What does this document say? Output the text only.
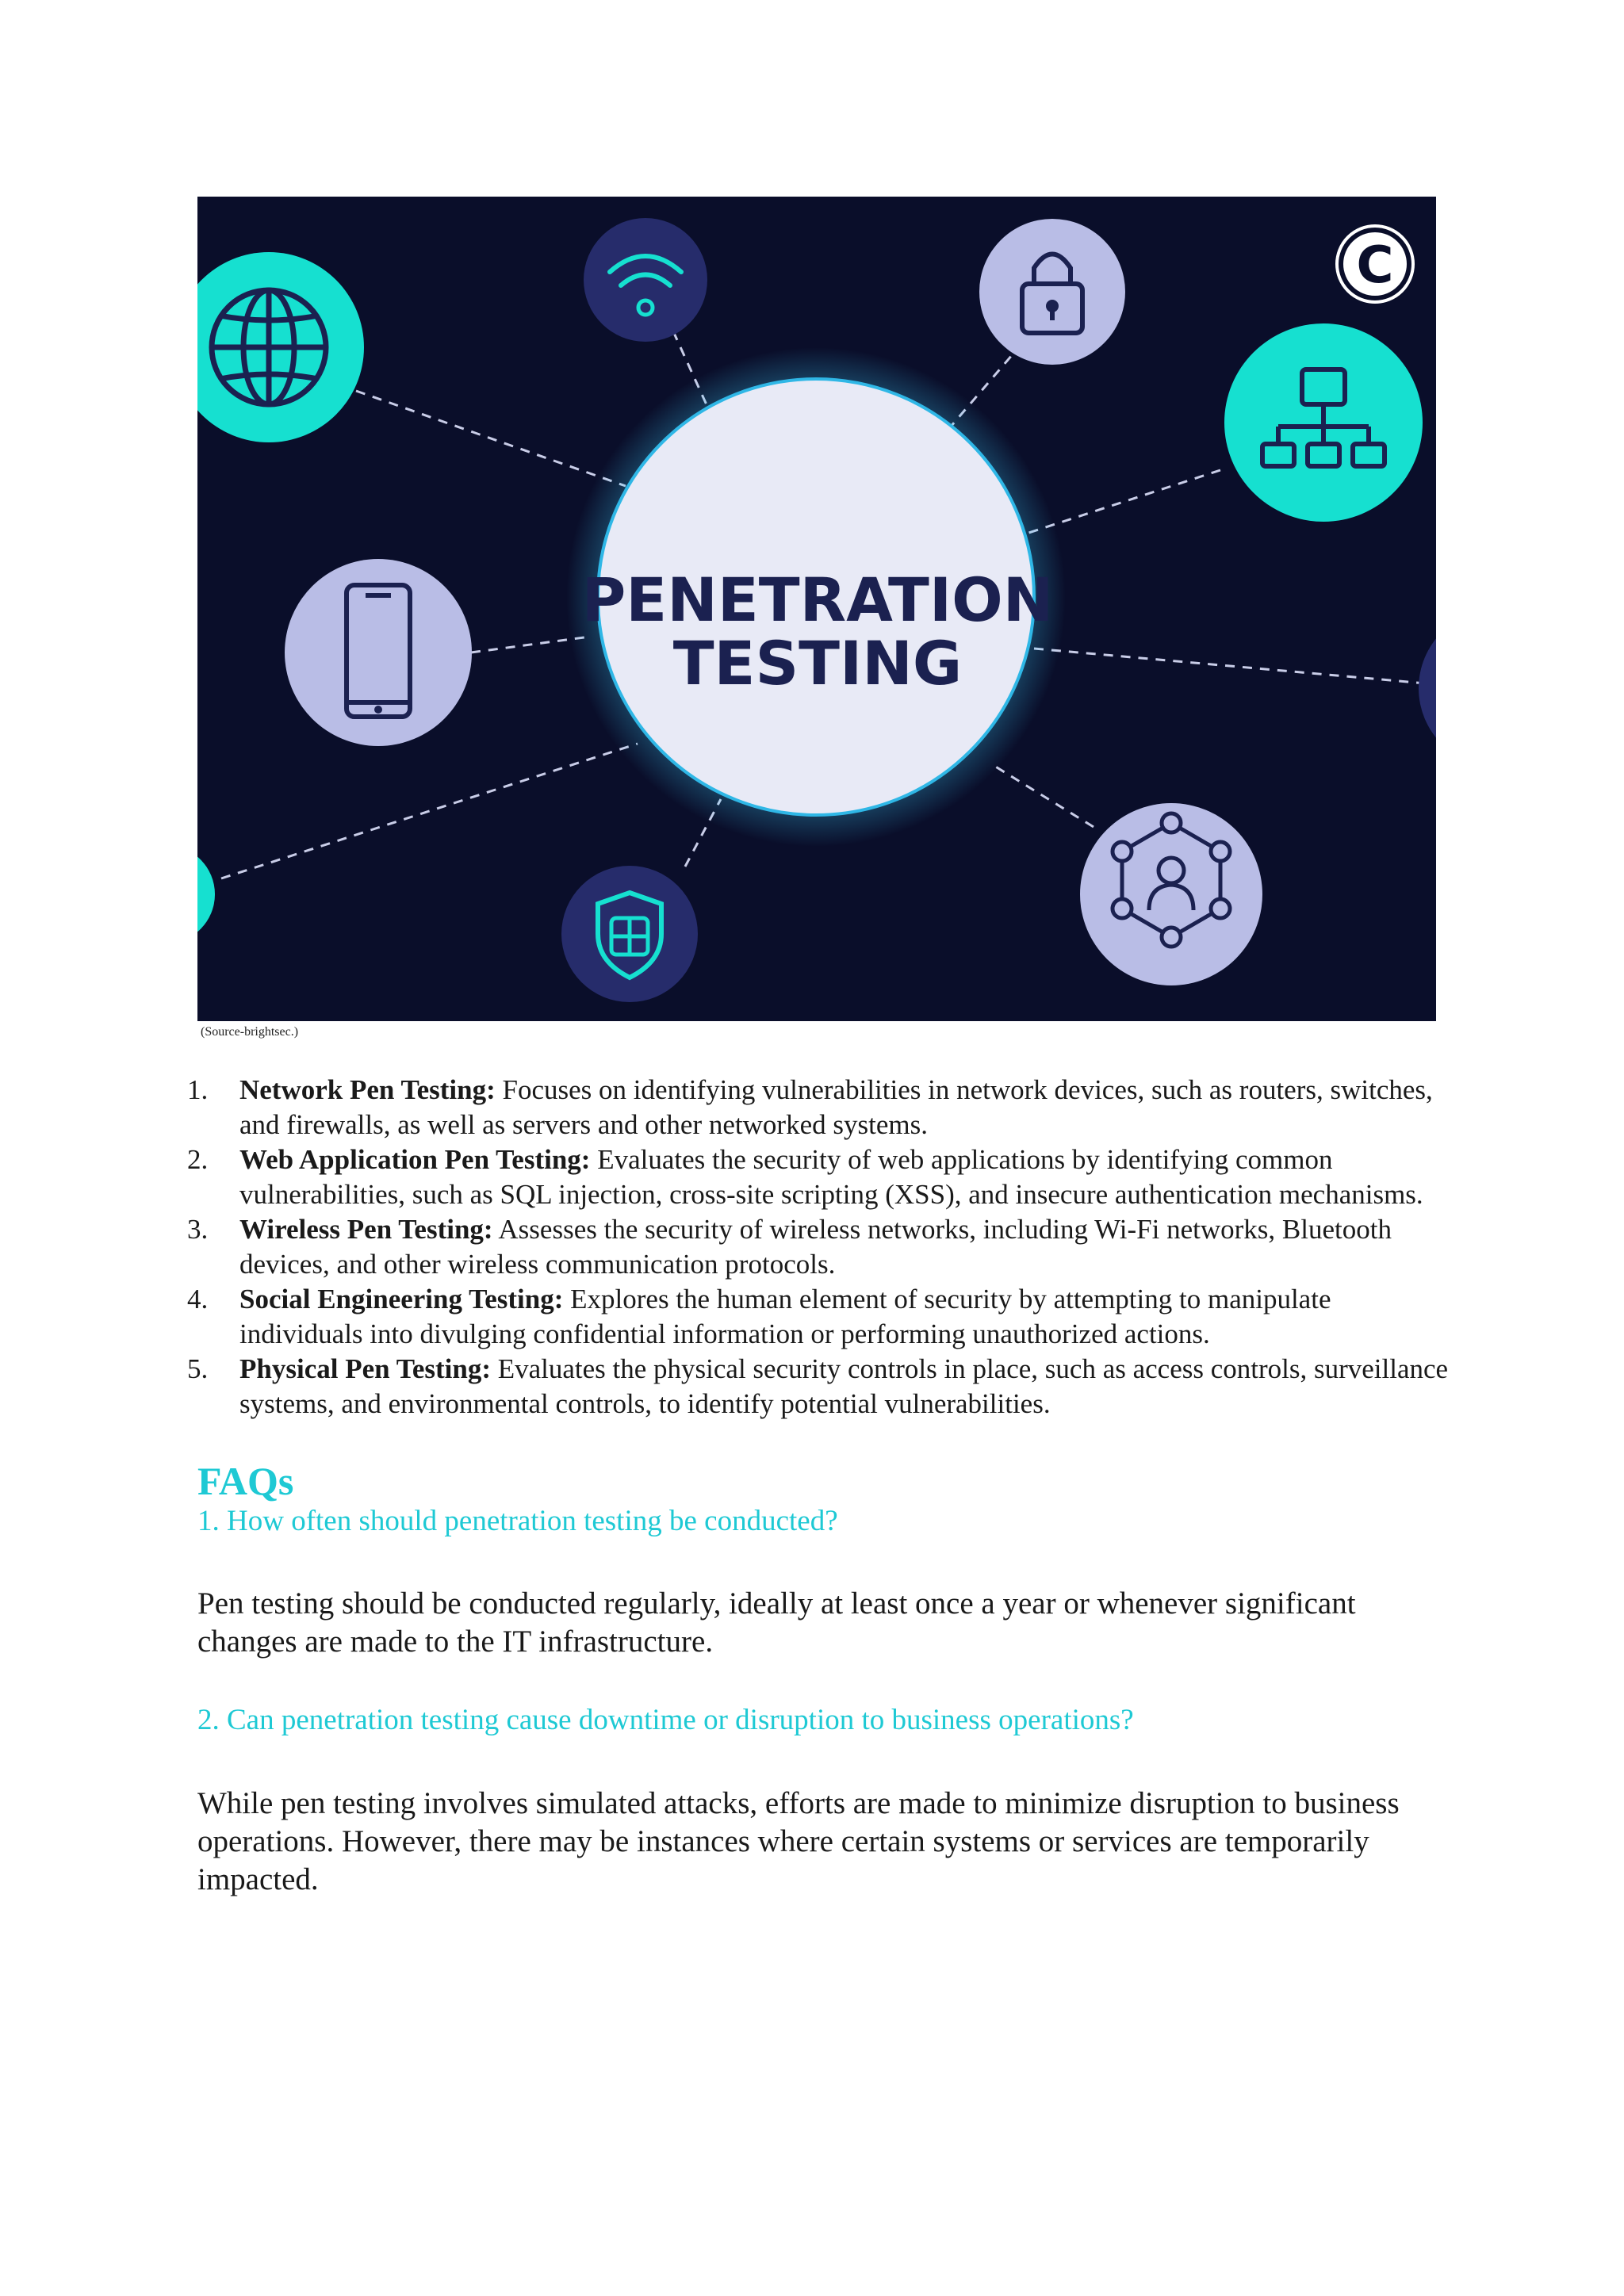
PENETRATION
TESTING
C
(Source-brightsec.)
1. Network Pen Testing: Focuses on identifying vulnerabilities in network devices, such as routers, switches, and firewalls, as well as servers and other networked systems.
2. Web Application Pen Testing: Evaluates the security of web applications by identifying common vulnerabilities, such as SQL injection, cross-site scripting (XSS), and insecure authentication mechanisms.
3. Wireless Pen Testing: Assesses the security of wireless networks, including Wi-Fi networks, Bluetooth devices, and other wireless communication protocols.
4. Social Engineering Testing: Explores the human element of security by attempting to manipulate individuals into divulging confidential information or performing unauthorized actions.
5. Physical Pen Testing: Evaluates the physical security controls in place, such as access controls, surveillance systems, and environmental controls, to identify potential vulnerabilities.
FAQs
1. How often should penetration testing be conducted?

Pen testing should be conducted regularly, ideally at least once a year or whenever significant changes are made to the IT infrastructure.

2. Can penetration testing cause downtime or disruption to business operations?

While pen testing involves simulated attacks, efforts are made to minimize disruption to business operations. However, there may be instances where certain systems or services are temporarily impacted.
